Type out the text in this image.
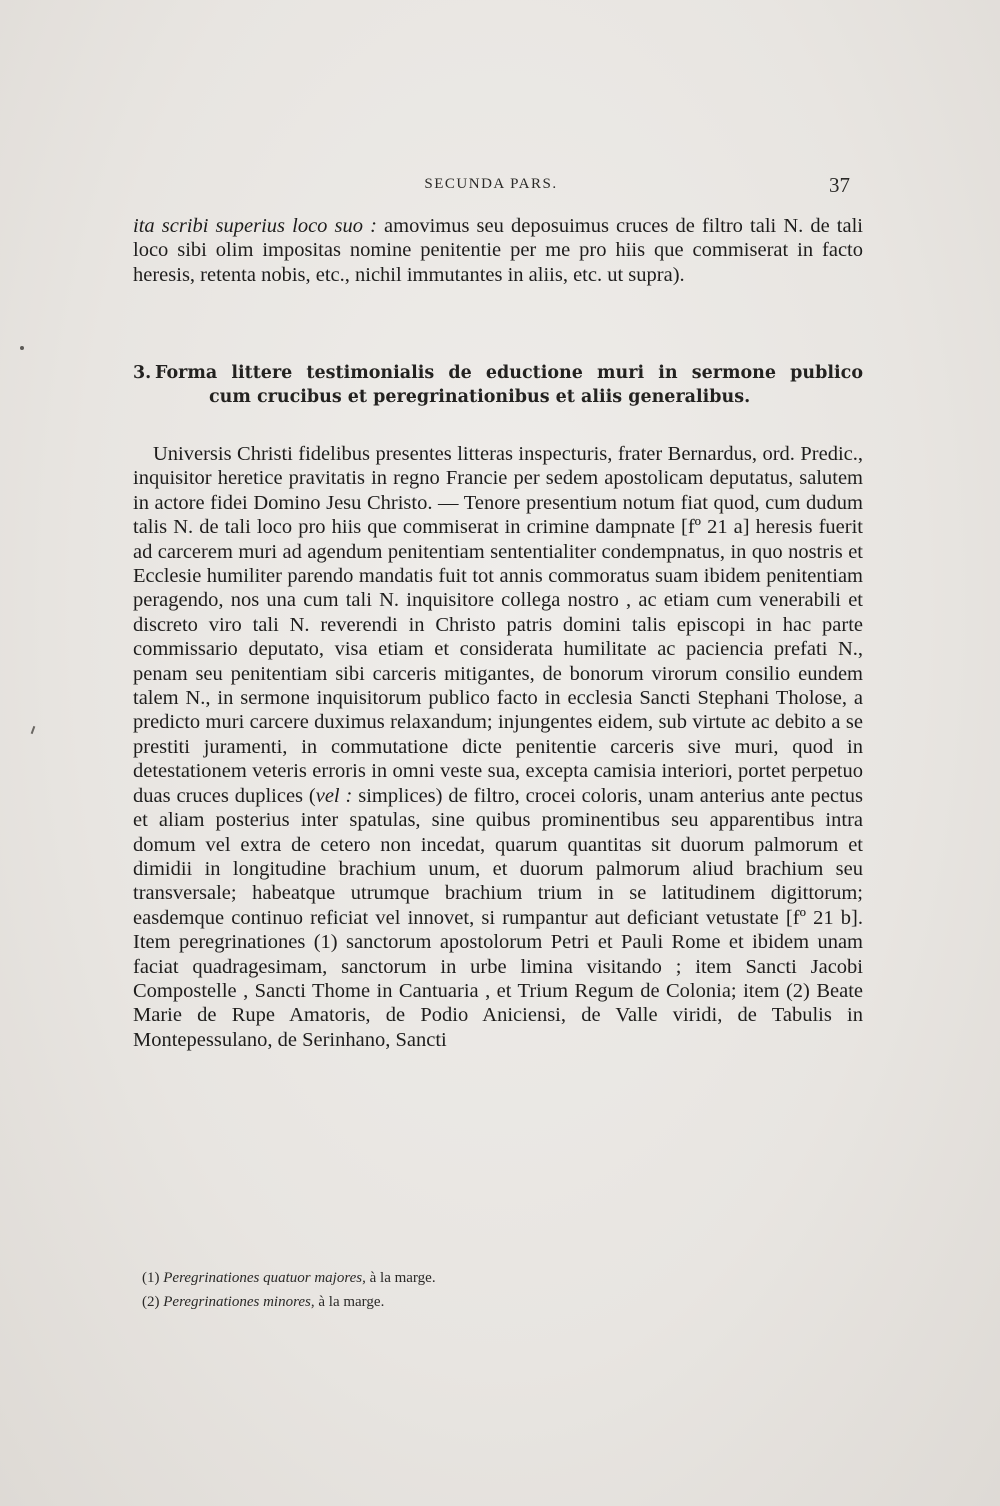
SECUNDA PARS.	37
ita scribi superius loco suo : amovimus seu deposuimus cruces de filtro tali N. de tali loco sibi olim impositas nomine penitentie per me pro hiis que commiserat in facto heresis, retenta nobis, etc., nichil immutantes in aliis, etc. ut supra).
3. Forma littere testimonialis de eductione muri in sermone publico
cum crucibus et peregrinationibus et aliis generalibus.
Universis Christi fidelibus presentes litteras inspecturis, frater Bernardus, ord. Predic., inquisitor heretice pravitatis in regno Francie per sedem apostolicam deputatus, salutem in actore fidei Domino Jesu Christo. — Tenore presentium notum fiat quod, cum dudum talis N. de tali loco pro hiis que commiserat in crimine dampnate [fº 21 a] heresis fuerit ad carcerem muri ad agendum penitentiam sententialiter condempnatus, in quo nostris et Ecclesie humiliter parendo mandatis fuit tot annis commoratus suam ibidem penitentiam peragendo, nos una cum tali N. inquisitore collega nostro , ac etiam cum venerabili et discreto viro tali N. reverendi in Christo patris domini talis episcopi in hac parte commissario deputato, visa etiam et considerata humilitate ac paciencia prefati N., penam seu penitentiam sibi carceris mitigantes, de bonorum virorum consilio eundem talem N., in sermone inquisitorum publico facto in ecclesia Sancti Stephani Tholose, a predicto muri carcere duximus relaxandum; injungentes eidem, sub virtute ac debito a se prestiti juramenti, in commutatione dicte penitentie carceris sive muri, quod in detestationem veteris erroris in omni veste sua, excepta camisia interiori, portet perpetuo duas cruces duplices (vel : simplices) de filtro, crocei coloris, unam anterius ante pectus et aliam posterius inter spatulas, sine quibus prominentibus seu apparentibus intra domum vel extra de cetero non incedat, quarum quantitas sit duorum palmorum et dimidii in longitudine brachium unum, et duorum palmorum aliud brachium seu transversale; habeatque utrumque brachium trium in se latitudinem digittorum; easdemque continuo reficiat vel innovet, si rumpantur aut deficiant vetustate [fº 21 b]. Item peregrinationes (1) sanctorum apostolorum Petri et Pauli Rome et ibidem unam faciat quadragesimam, sanctorum in urbe limina visitando ; item Sancti Jacobi Compostelle , Sancti Thome in Cantuaria , et Trium Regum de Colonia; item (2) Beate Marie de Rupe Amatoris, de Podio Aniciensi, de Valle viridi, de Tabulis in Montepessulano, de Serinhano, Sancti
(1) Peregrinationes quatuor majores, à la marge.
(2) Peregrinationes minores, à la marge.
